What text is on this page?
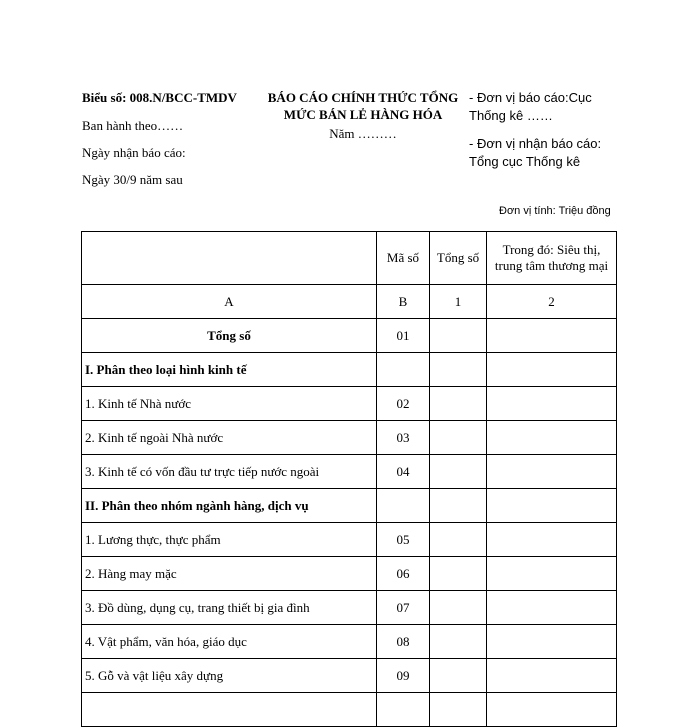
Biểu số: 008.N/BCC-TMDV
Ban hành theo……
Ngày nhận báo cáo:
Ngày 30/9 năm sau
BÁO CÁO CHÍNH THỨC TỔNG
MỨC BÁN LẺ HÀNG HÓA
Năm ………
- Đơn vị báo cáo:Cục
Thống kê ……
- Đơn vị nhận báo cáo:
Tổng cục Thống kê
Đơn vị tính: Triệu đồng
	Mã số	Tổng số	Trong đó: Siêu thị,
trung tâm thương mại

A	B	1	2
Tổng số	01		
I. Phân theo loại hình kinh tế			
1. Kinh tế Nhà nước	02		
2. Kinh tế ngoài Nhà nước	03		
3. Kinh tế có vốn đầu tư trực tiếp nước ngoài	04		
II. Phân theo nhóm ngành hàng, dịch vụ			
1. Lương thực, thực phẩm	05		
2. Hàng may mặc	06		
3. Đồ dùng, dụng cụ, trang thiết bị gia đình	07		
4. Vật phẩm, văn hóa, giáo dục	08		
5. Gỗ và vật liệu xây dựng	09		
